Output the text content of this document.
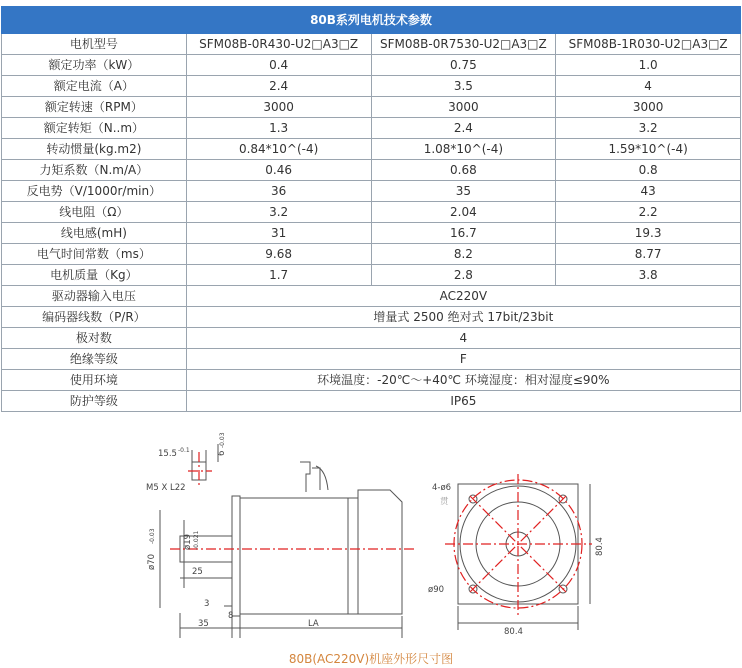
80B系列电机技术参数			
电机型号	SFM08B-0R430-U2□A3□Z	SFM08B-0R7530-U2□A3□Z	SFM08B-1R030-U2□A3□Z
额定功率（kW）	0.4	0.75	1.0
额定电流（A）	2.4	3.5	4
额定转速（RPM）	3000	3000	3000
额定转矩（N..m）	1.3	2.4	3.2
转动惯量(kg.m2)	0.84*10^(-4)	1.08*10^(-4)	1.59*10^(-4)
力矩系数（N.m/A）	0.46	0.68	0.8
反电势（V/1000r/min）	36	35	43
线电阻（Ω）	3.2	2.04	2.2
线电感(mH)	31	16.7	19.3
电气时间常数（ms）	9.68	8.2	8.77
电机质量（Kg）	1.7	2.8	3.8
驱动器输入电压	AC220V		
编码器线数（P/R）	增量式 2500 绝对式 17bit/23bit		
极对数	4		
绝缘等级	F		
使用环境	环境温度：-20℃～+40℃ 环境湿度：相对湿度≤90%		
防护等级	IP65		
15.5 -0.1	6
-0.03
M5 X L22
ø19 -0.021
ø70
-0.03
25
3
8
35	LA
4-ø6
贯
ø90
80.4
80.4
80B(AC220V)机座外形尺寸图
